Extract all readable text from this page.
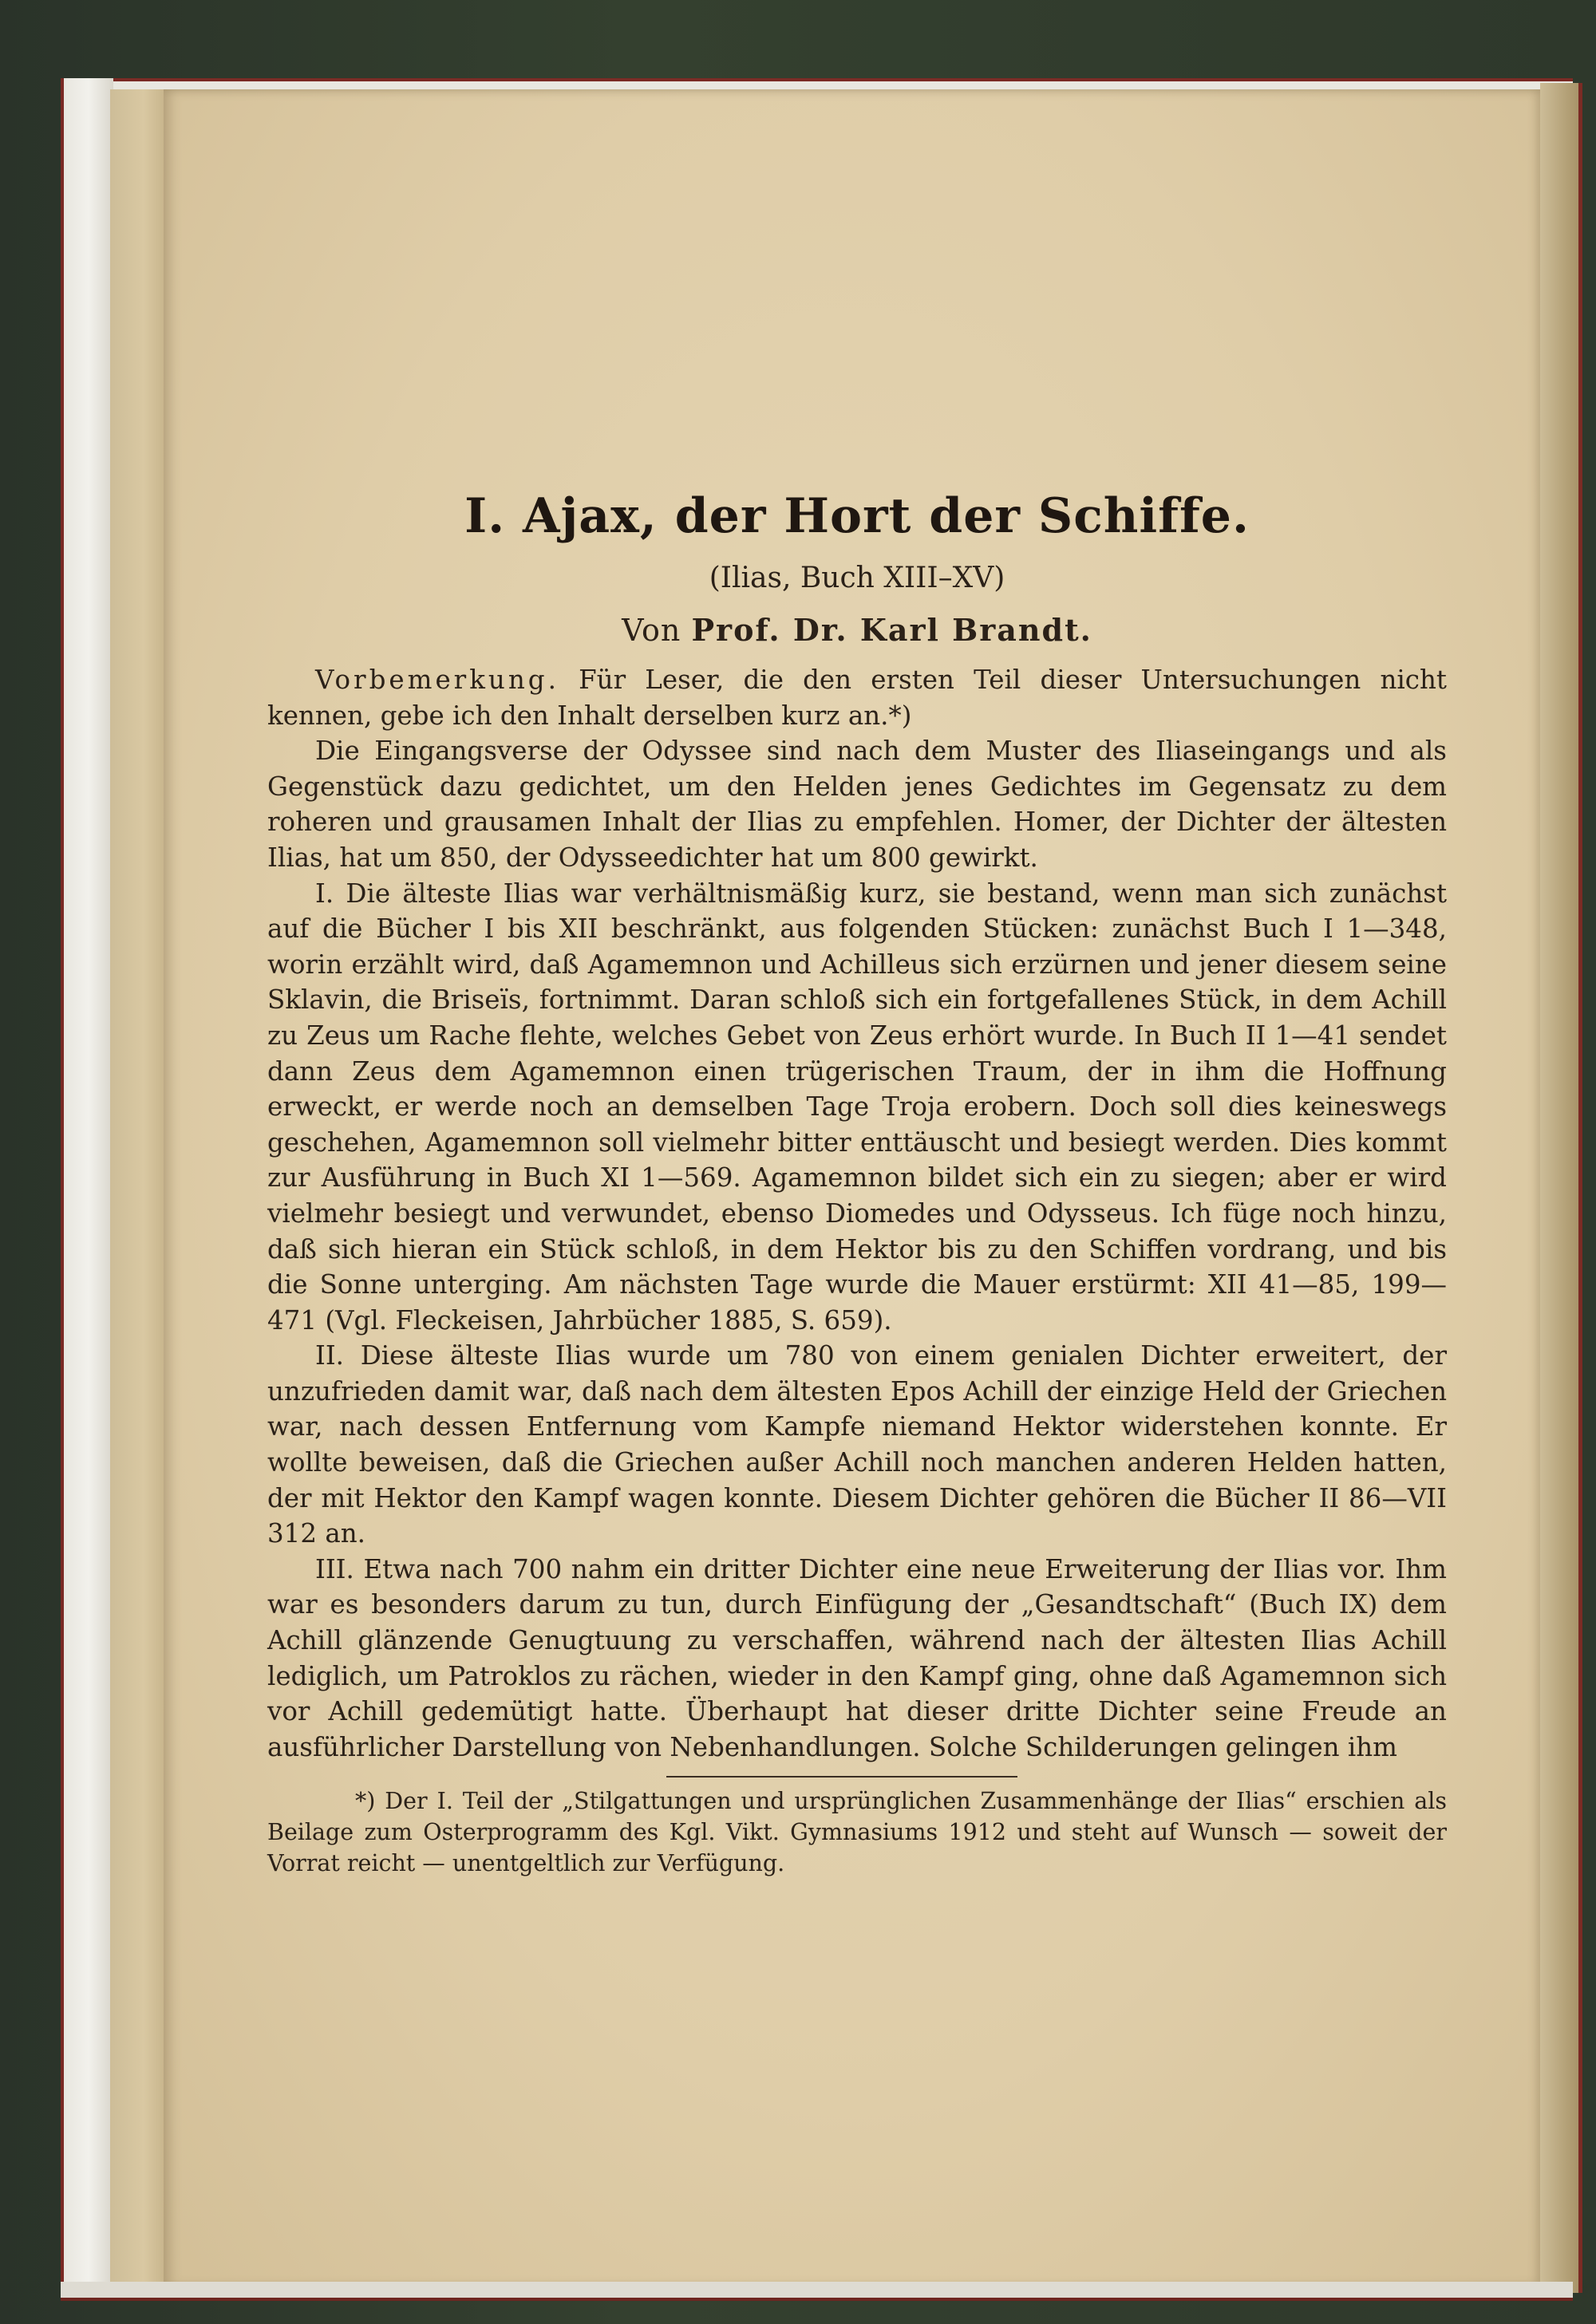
I. Ajax, der Hort der Schiffe.
(Ilias, Buch XIII–XV)
Von Prof. Dr. Karl Brandt.

Vorbemerkung. Für Leser, die den ersten Teil dieser Untersuchungen nicht kennen, gebe ich den Inhalt derselben kurz an.*)

Die Eingangsverse der Odyssee sind nach dem Muster des Iliaseingangs und als Gegenstück dazu gedichtet, um den Helden jenes Gedichtes im Gegensatz zu dem roheren und grausamen Inhalt der Ilias zu empfehlen. Homer, der Dichter der ältesten Ilias, hat um 850, der Odysseedichter hat um 800 gewirkt.

I. Die älteste Ilias war verhältnismäßig kurz, sie bestand, wenn man sich zunächst auf die Bücher I bis XII beschränkt, aus folgenden Stücken: zunächst Buch I 1—348, worin erzählt wird, daß Agamemnon und Achilleus sich erzürnen und jener diesem seine Sklavin, die Briseïs, fortnimmt. Daran schloß sich ein fortgefallenes Stück, in dem Achill zu Zeus um Rache flehte, welches Gebet von Zeus erhört wurde. In Buch II 1—41 sendet dann Zeus dem Agamemnon einen trügerischen Traum, der in ihm die Hoffnung erweckt, er werde noch an demselben Tage Troja erobern. Doch soll dies keineswegs geschehen, Agamemnon soll vielmehr bitter enttäuscht und besiegt werden. Dies kommt zur Ausführung in Buch XI 1—569. Agamemnon bildet sich ein zu siegen; aber er wird vielmehr besiegt und verwundet, ebenso Diomedes und Odysseus. Ich füge noch hinzu, daß sich hieran ein Stück schloß, in dem Hektor bis zu den Schiffen vordrang, und bis die Sonne unterging. Am nächsten Tage wurde die Mauer erstürmt: XII 41—85, 199—471 (Vgl. Fleckeisen, Jahrbücher 1885, S. 659).

II. Diese älteste Ilias wurde um 780 von einem genialen Dichter erweitert, der unzufrieden damit war, daß nach dem ältesten Epos Achill der einzige Held der Griechen war, nach dessen Entfernung vom Kampfe niemand Hektor widerstehen konnte. Er wollte beweisen, daß die Griechen außer Achill noch manchen anderen Helden hatten, der mit Hektor den Kampf wagen konnte. Diesem Dichter gehören die Bücher II 86—VII 312 an.

III. Etwa nach 700 nahm ein dritter Dichter eine neue Erweiterung der Ilias vor. Ihm war es besonders darum zu tun, durch Einfügung der „Gesandtschaft“ (Buch IX) dem Achill glänzende Genugtuung zu verschaffen, während nach der ältesten Ilias Achill lediglich, um Patroklos zu rächen, wieder in den Kampf ging, ohne daß Agamemnon sich vor Achill gedemütigt hatte. Überhaupt hat dieser dritte Dichter seine Freude an ausführlicher Darstellung von Nebenhandlungen. Solche Schilderungen gelingen ihm

*) Der I. Teil der „Stilgattungen und ursprünglichen Zusammenhänge der Ilias“ erschien als Beilage zum Osterprogramm des Kgl. Vikt. Gymnasiums 1912 und steht auf Wunsch — soweit der Vorrat reicht — unentgeltlich zur Verfügung.
